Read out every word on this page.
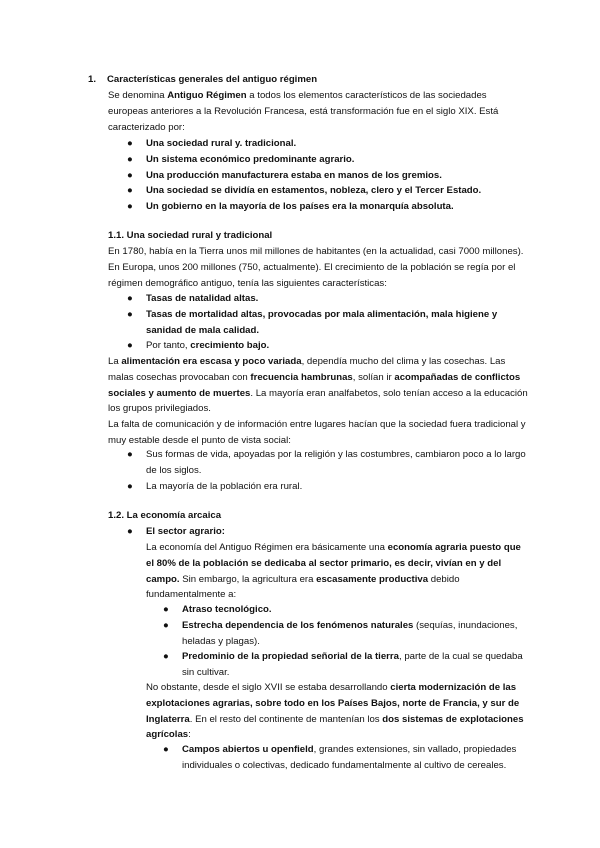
1. Características generales del antiguo régimen
Se denomina Antiguo Régimen a todos los elementos característicos de las sociedades europeas anteriores a la Revolución Francesa, está transformación fue en el siglo XIX. Está caracterizado por:
● Una sociedad rural y. tradicional.
● Un sistema económico predominante agrario.
● Una producción manufacturera estaba en manos de los gremios.
● Una sociedad se dividía en estamentos, nobleza, clero y el Tercer Estado.
● Un gobierno en la mayoría de los países era la monarquía absoluta.
1.1. Una sociedad rural y tradicional
En 1780, había en la Tierra unos mil millones de habitantes (en la actualidad, casi 7000 millones). En Europa, unos 200 millones (750, actualmente). El crecimiento de la población se regía por el régimen demográfico antiguo, tenía las siguientes características:
● Tasas de natalidad altas.
● Tasas de mortalidad altas, provocadas por mala alimentación, mala higiene y sanidad de mala calidad.
● Por tanto, crecimiento bajo.
La alimentación era escasa y poco variada, dependía mucho del clima y las cosechas. Las malas cosechas provocaban con frecuencia hambrunas, solían ir acompañadas de conflictos sociales y aumento de muertes. La mayoría eran analfabetos, solo tenían acceso a la educación los grupos privilegiados.
La falta de comunicación y de información entre lugares hacían que la sociedad fuera tradicional y muy estable desde el punto de vista social:
● Sus formas de vida, apoyadas por la religión y las costumbres, cambiaron poco a lo largo de los siglos.
● La mayoría de la población era rural.
1.2. La economía arcaica
● El sector agrario:
La economía del Antiguo Régimen era básicamente una economía agraria puesto que el 80% de la población se dedicaba al sector primario, es decir, vivían en y del campo. Sin embargo, la agricultura era escasamente productiva debido fundamentalmente a:
● Atraso tecnológico.
● Estrecha dependencia de los fenómenos naturales (sequías, inundaciones, heladas y plagas).
● Predominio de la propiedad señorial de la tierra, parte de la cual se quedaba sin cultivar.
No obstante, desde el siglo XVII se estaba desarrollando cierta modernización de las explotaciones agrarias, sobre todo en los Países Bajos, norte de Francia, y sur de Inglaterra. En el resto del continente de mantenían los dos sistemas de explotaciones agrícolas:
● Campos abiertos u openfield, grandes extensiones, sin vallado, propiedades individuales o colectivas, dedicado fundamentalmente al cultivo de cereales.
